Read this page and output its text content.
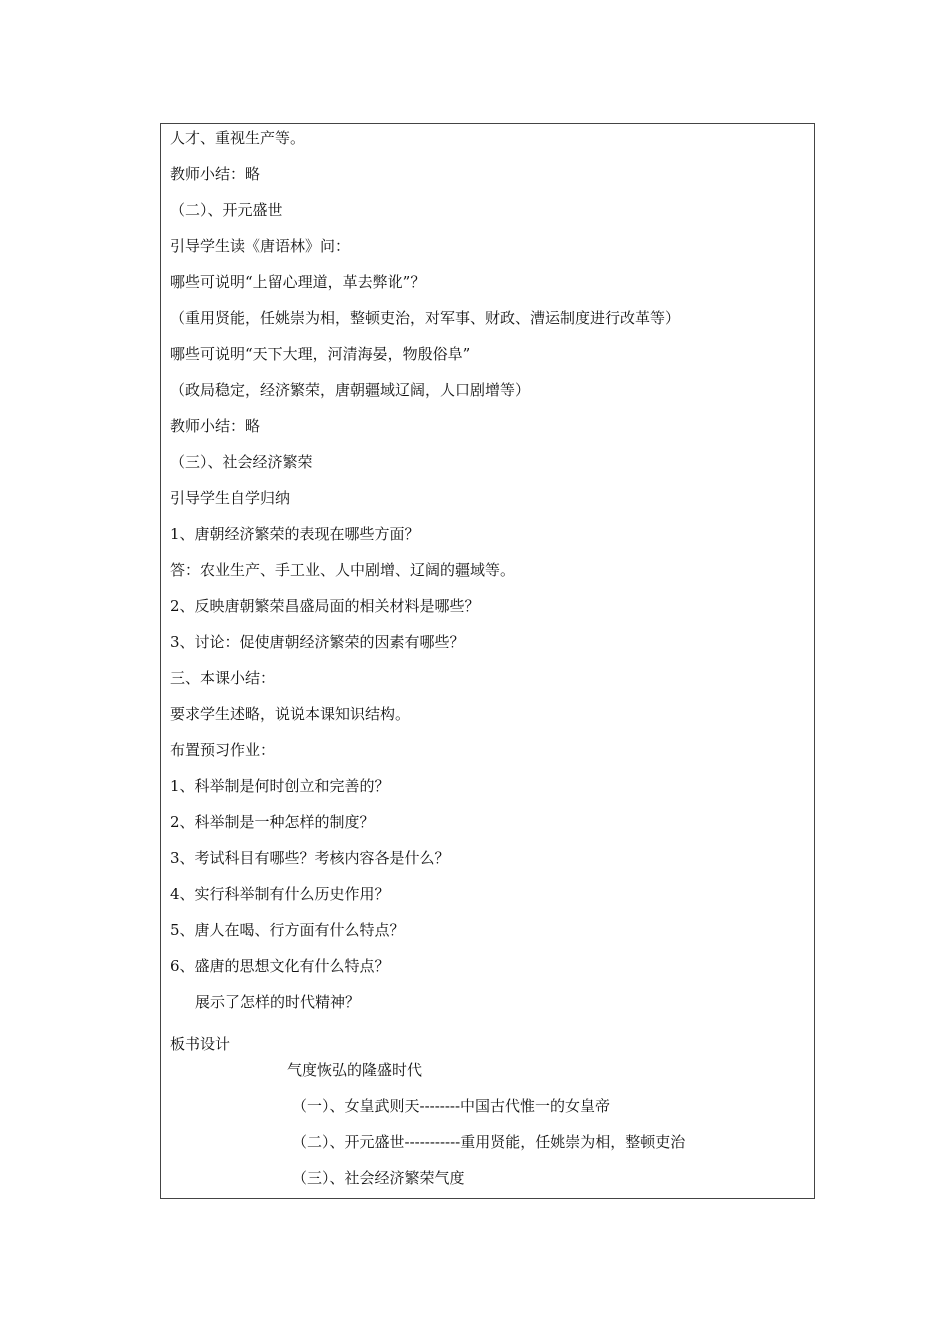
人才、重视生产等。
教师小结：略
（二）、开元盛世
引导学生读《唐语林》问：
哪些可说明“上留心理道，革去弊讹”？
（重用贤能，任姚崇为相，整顿吏治，对军事、财政、漕运制度进行改革等）
哪些可说明“天下大理，河清海晏，物殷俗阜”
（政局稳定，经济繁荣，唐朝疆域辽阔，人口剧增等）
教师小结：略
（三）、社会经济繁荣
引导学生自学归纳
1、唐朝经济繁荣的表现在哪些方面？
答：农业生产、手工业、人中剧增、辽阔的疆域等。
2、反映唐朝繁荣昌盛局面的相关材料是哪些？
3、讨论：促使唐朝经济繁荣的因素有哪些？
三、本课小结：
要求学生述略，说说本课知识结构。
布置预习作业：
1、科举制是何时创立和完善的？
2、科举制是一种怎样的制度？
3、考试科目有哪些？考核内容各是什么？
4、实行科举制有什么历史作用？
5、唐人在喝、行方面有什么特点？
6、盛唐的思想文化有什么特点？
展示了怎样的时代精神？
板书设计
气度恢弘的隆盛时代
（一）、女皇武则天--------中国古代惟一的女皇帝
（二）、开元盛世-----------重用贤能，任姚崇为相，整顿吏治
（三）、社会经济繁荣气度
